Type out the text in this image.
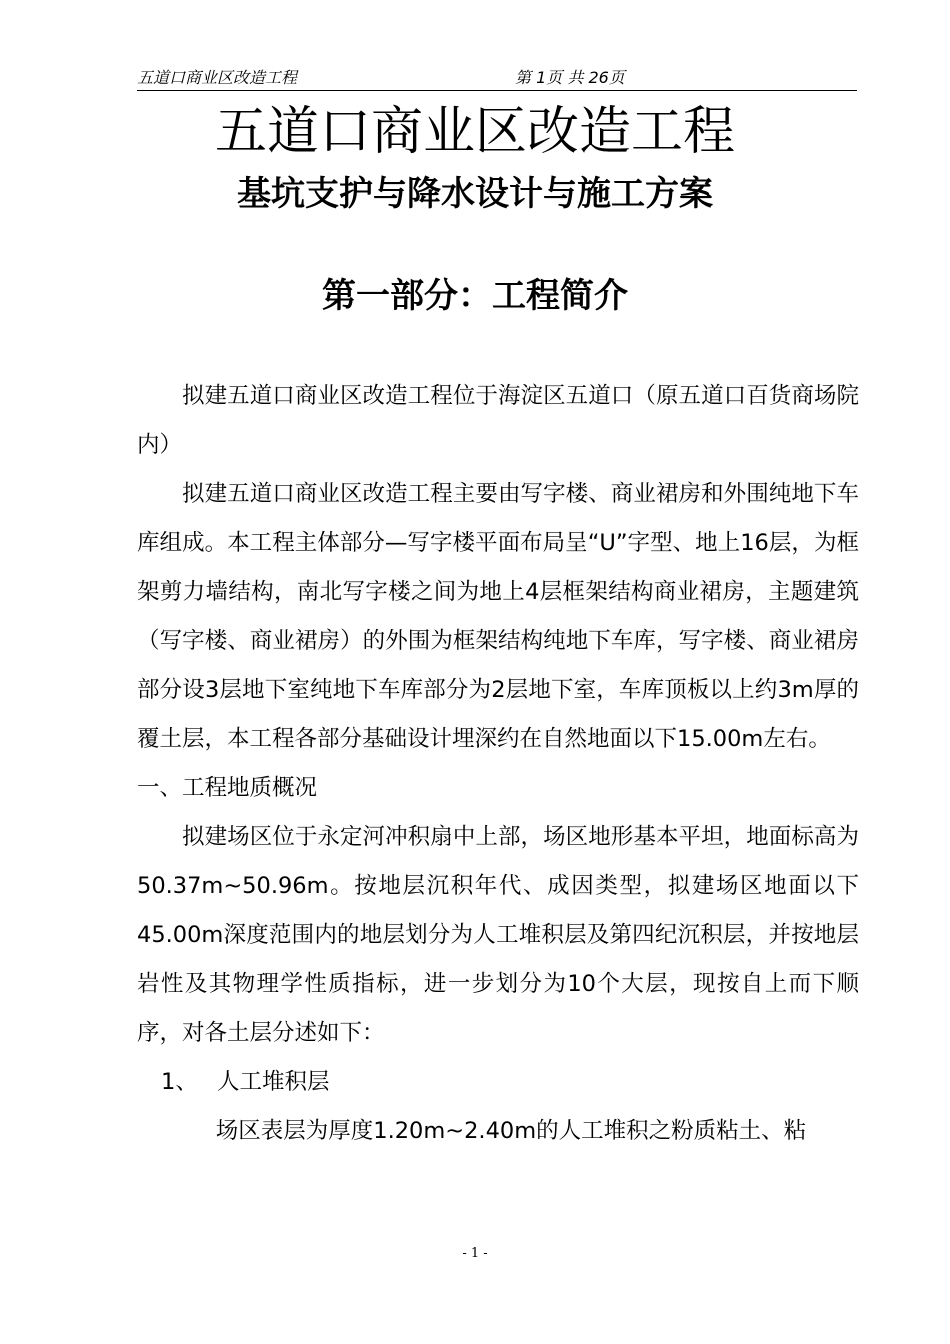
五道口商业区改造工程	第 1页 共 26页
五道口商业区改造工程
基坑支护与降水设计与施工方案
第一部分：工程简介

拟建五道口商业区改造工程位于海淀区五道口（原五道口百货商场院内）

拟建五道口商业区改造工程主要由写字楼、商业裙房和外围纯地下车库组成。本工程主体部分—写字楼平面布局呈“U”字型、地上16层，为框架剪力墙结构，南北写字楼之间为地上4层框架结构商业裙房，主题建筑（写字楼、商业裙房）的外围为框架结构纯地下车库，写字楼、商业裙房部分设3层地下室纯地下车库部分为2层地下室，车库顶板以上约3m厚的覆土层，本工程各部分基础设计埋深约在自然地面以下15.00m左右。

一、工程地质概况

拟建场区位于永定河冲积扇中上部，场区地形基本平坦，地面标高为50.37m~50.96m。按地层沉积年代、成因类型，拟建场区地面以下45.00m深度范围内的地层划分为人工堆积层及第四纪沉积层，并按地层岩性及其物理学性质指标，进一步划分为10个大层，现按自上而下顺序，对各土层分述如下：

1、 人工堆积层

场区表层为厚度1.20m~2.40m的人工堆积之粉质粘土、粘

- 1 -
